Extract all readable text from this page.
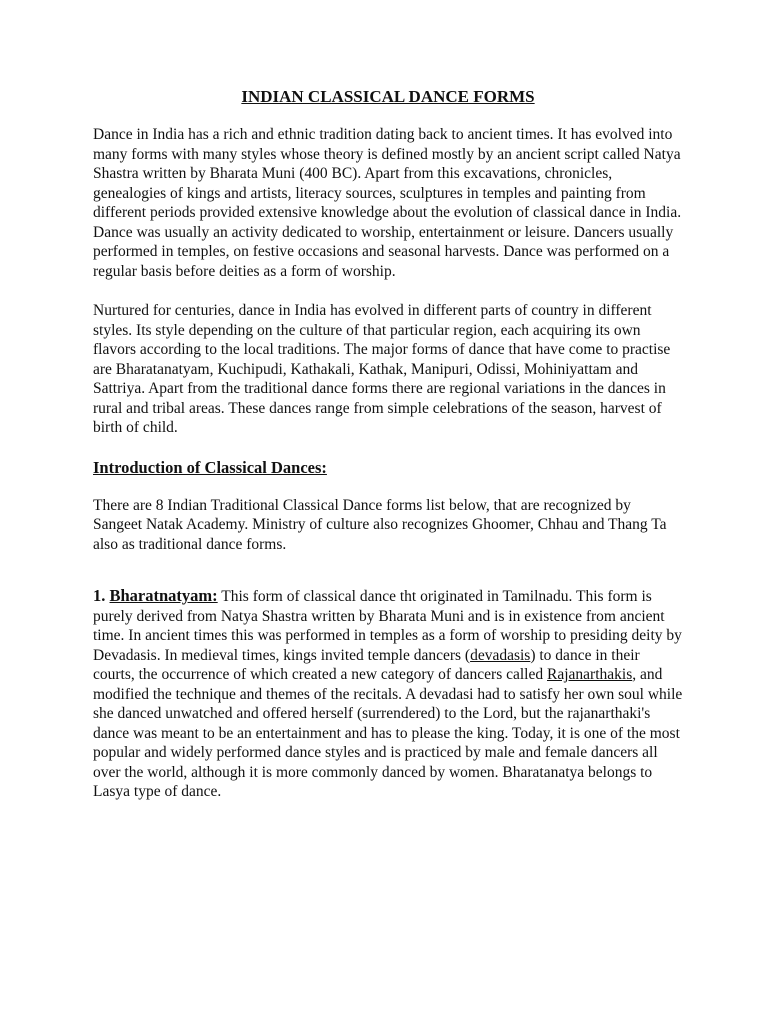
INDIAN CLASSICAL DANCE FORMS

Dance in India has a rich and ethnic tradition dating back to ancient times. It has evolved into many forms with many styles whose theory is defined mostly by an ancient script called Natya Shastra written by Bharata Muni (400 BC). Apart from this excavations, chronicles, genealogies of kings and artists, literacy sources, sculptures in temples and painting from different periods provided extensive knowledge about the evolution of classical dance in India. Dance was usually an activity dedicated to worship, entertainment or leisure. Dancers usually performed in temples, on festive occasions and seasonal harvests. Dance was performed on a regular basis before deities as a form of worship.

Nurtured for centuries, dance in India has evolved in different parts of country in different styles. Its style depending on the culture of that particular region, each acquiring its own flavors according to the local traditions. The major forms of dance that have come to practise are Bharatanatyam, Kuchipudi, Kathakali, Kathak, Manipuri, Odissi, Mohiniyattam and Sattriya. Apart from the traditional dance forms there are regional variations in the dances in rural and tribal areas. These dances range from simple celebrations of the season, harvest of birth of child.

Introduction of Classical Dances:

There are 8 Indian Traditional Classical Dance forms list below, that are recognized by Sangeet Natak Academy. Ministry of culture also recognizes Ghoomer, Chhau and Thang Ta also as traditional dance forms.

1. Bharatnatyam: This form of classical dance tht originated in Tamilnadu. This form is purely derived from Natya Shastra written by Bharata Muni and is in existence from ancient time. In ancient times this was performed in temples as a form of worship to presiding deity by Devadasis. In medieval times, kings invited temple dancers (devadasis) to dance in their courts, the occurrence of which created a new category of dancers called Rajanarthakis, and modified the technique and themes of the recitals. A devadasi had to satisfy her own soul while she danced unwatched and offered herself (surrendered) to the Lord, but the rajanarthaki's dance was meant to be an entertainment and has to please the king. Today, it is one of the most popular and widely performed dance styles and is practiced by male and female dancers all over the world, although it is more commonly danced by women. Bharatanatya belongs to Lasya type of dance.
